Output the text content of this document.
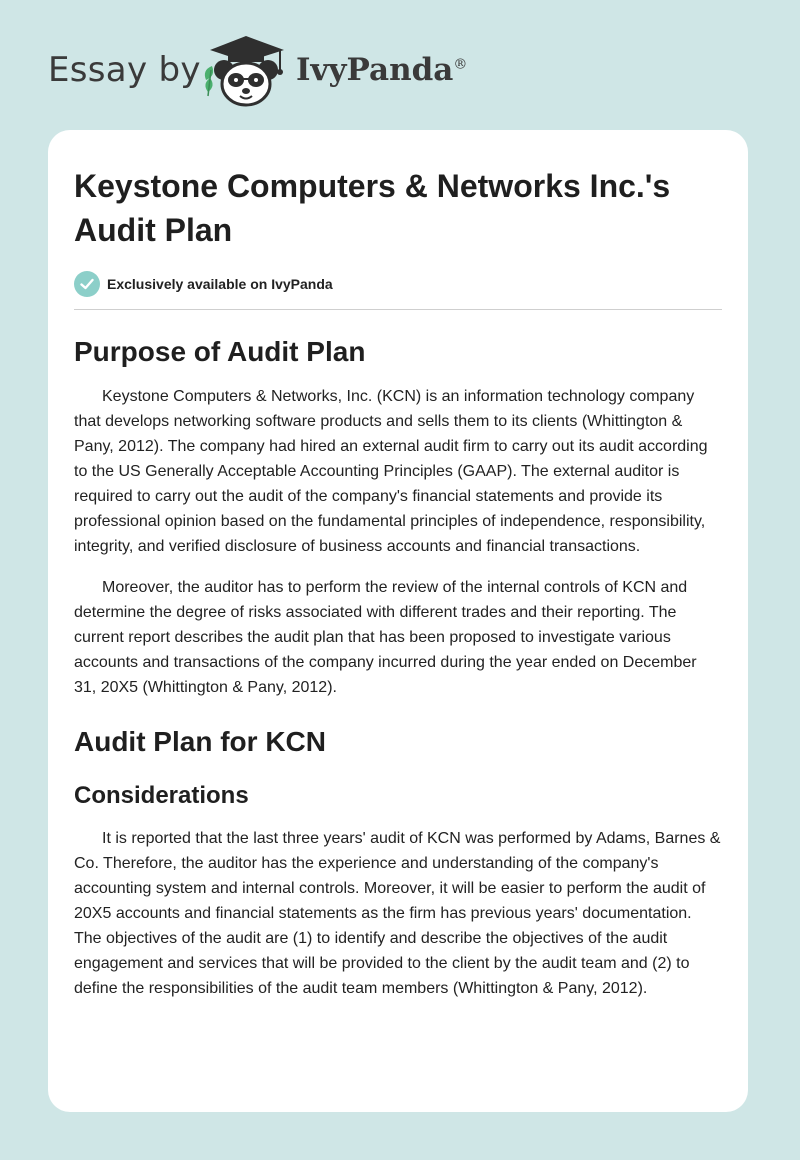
Essay by	IvyPanda®
Keystone Computers & Networks Inc.'s Audit Plan
Exclusively available on IvyPanda
Purpose of Audit Plan

Keystone Computers & Networks, Inc. (KCN) is an information technology company that develops networking software products and sells them to its clients (Whittington & Pany, 2012). The company had hired an external audit firm to carry out its audit according to the US Generally Acceptable Accounting Principles (GAAP). The external auditor is required to carry out the audit of the company's financial statements and provide its professional opinion based on the fundamental principles of independence, responsibility, integrity, and verified disclosure of business accounts and financial transactions.

Moreover, the auditor has to perform the review of the internal controls of KCN and determine the degree of risks associated with different trades and their reporting. The current report describes the audit plan that has been proposed to investigate various accounts and transactions of the company incurred during the year ended on December 31, 20X5 (Whittington & Pany, 2012).

Audit Plan for KCN
Considerations

It is reported that the last three years' audit of KCN was performed by Adams, Barnes & Co. Therefore, the auditor has the experience and understanding of the company's accounting system and internal controls. Moreover, it will be easier to perform the audit of 20X5 accounts and financial statements as the firm has previous years' documentation. The objectives of the audit are (1) to identify and describe the objectives of the audit engagement and services that will be provided to the client by the audit team and (2) to define the responsibilities of the audit team members (Whittington & Pany, 2012).
